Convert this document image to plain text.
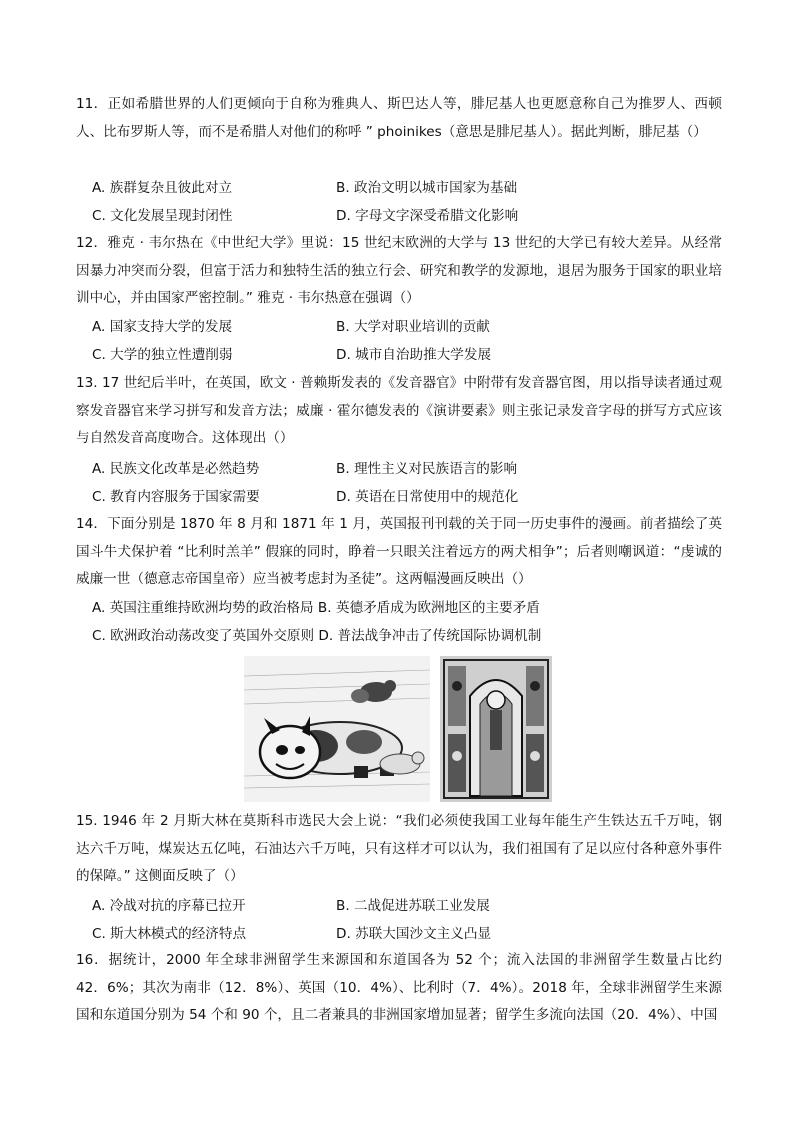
11．正如希腊世界的人们更倾向于自称为雅典人、斯巴达人等，腓尼基人也更愿意称自己为推罗人、西顿人、比布罗斯人等，而不是希腊人对他们的称呼 ” phoinikes（意思是腓尼基人）。据此判断，腓尼基（）

A. 族群复杂且彼此对立	B. 政治文明以城市国家为基础
C. 文化发展呈现封闭性	D. 字母文字深受希腊文化影响

12．雅克 · 韦尔热在《中世纪大学》里说：15 世纪末欧洲的大学与 13 世纪的大学已有较大差异。从经常因暴力冲突而分裂，但富于活力和独特生活的独立行会、研究和教学的发源地，退居为服务于国家的职业培训中心，并由国家严密控制。” 雅克 · 韦尔热意在强调（）

A. 国家支持大学的发展	B. 大学对职业培训的贡献
C. 大学的独立性遭削弱	D. 城市自治助推大学发展

13. 17 世纪后半叶，在英国，欧文 · 普赖斯发表的《发音器官》中附带有发音器官图，用以指导读者通过观察发音器官来学习拼写和发音方法；威廉 · 霍尔德发表的《演讲要素》则主张记录发音字母的拼写方式应该与自然发音高度吻合。这体现出（）

A. 民族文化改革是必然趋势	B. 理性主义对民族语言的影响
C. 教育内容服务于国家需要	D. 英语在日常使用中的规范化

14．下面分别是 1870 年 8 月和 1871 年 1 月，英国报刊刊载的关于同一历史事件的漫画。前者描绘了英国斗牛犬保护着 “比利时羔羊” 假寐的同时，睁着一只眼关注着远方的两犬相争”；后者则嘲讽道：“虔诚的威廉一世（德意志帝国皇帝）应当被考虑封为圣徒”。这两幅漫画反映出（）

A. 英国注重维持欧洲均势的政治格局 B. 英德矛盾成为欧洲地区的主要矛盾
C. 欧洲政治动荡改变了英国外交原则 D. 普法战争冲击了传统国际协调机制

15. 1946 年 2 月斯大林在莫斯科市选民大会上说：“我们必须使我国工业每年能生产生铁达五千万吨，钢达六千万吨，煤炭达五亿吨，石油达六千万吨，只有这样才可以认为，我们祖国有了足以应付各种意外事件的保障。” 这侧面反映了（）

A. 冷战对抗的序幕已拉开	B. 二战促进苏联工业发展
C. 斯大林模式的经济特点	D. 苏联大国沙文主义凸显

16．据统计，2000 年全球非洲留学生来源国和东道国各为 52 个；流入法国的非洲留学生数量占比约 42．6%；其次为南非（12．8%）、英国（10．4%）、比利时（7．4%）。2018 年，全球非洲留学生来源国和东道国分别为 54 个和 90 个，且二者兼具的非洲国家增加显著；留学生多流向法国（20．4%）、中国
